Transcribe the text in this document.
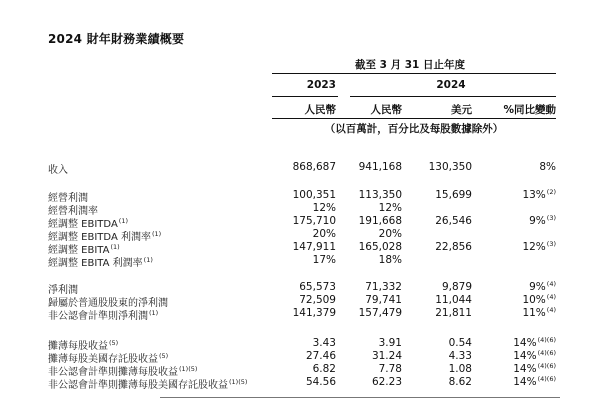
2024 財年財務業績概要
截至 3 月 31 日止年度
2023	2024
人民幣	人民幣	美元	%同比變動
（以百萬計，百分比及每股數據除外）
收入	868,687	941,168	130,350	8%
經營利潤	100,351	113,350	15,699	13%$^{(2)}$
經營利潤率	12%	12%
經調整 EBITDA$^{(1)}$	175,710	191,668	26,546	9%$^{(3)}$
經調整 EBITDA 利潤率$^{(1)}$	20%	20%
經調整 EBITA$^{(1)}$	147,911	165,028	22,856	12%$^{(3)}$
經調整 EBITA 利潤率$^{(1)}$	17%	18%
淨利潤	65,573	71,332	9,879	9%$^{(4)}$
歸屬於普通股股東的淨利潤	72,509	79,741	11,044	10%$^{(4)}$
非公認會計準則淨利潤$^{(1)}$	141,379	157,479	21,811	11%$^{(4)}$
攤薄每股收益$^{(5)}$	3.43	3.91	0.54	14%$^{(4)(6)}$
攤薄每股美國存託股收益$^{(5)}$	27.46	31.24	4.33	14%$^{(4)(6)}$
非公認會計準則攤薄每股收益$^{(1)(5)}$	6.82	7.78	1.08	14%$^{(4)(6)}$
非公認會計準則攤薄每股美國存託股收益$^{(1)(5)}$	54.56	62.23	8.62	14%$^{(4)(6)}$
